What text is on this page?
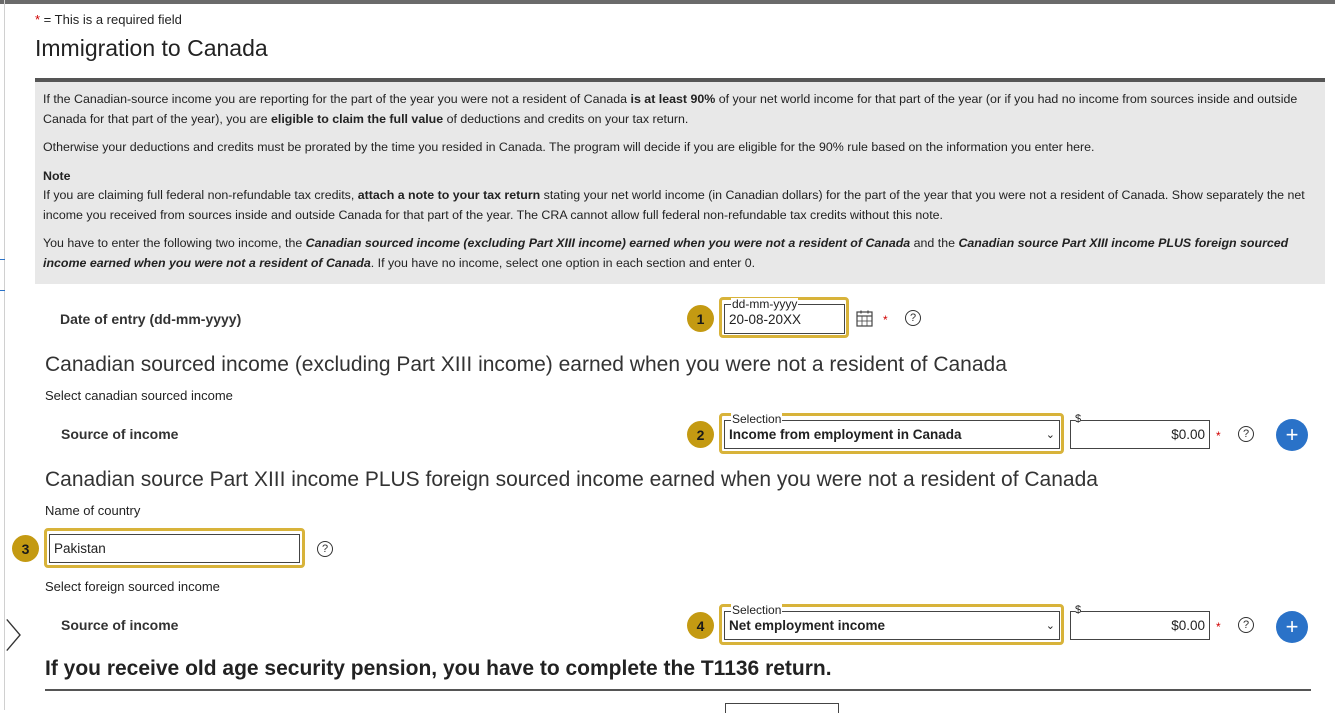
〉
* = This is a required field
Immigration to Canada

If the Canadian-source income you are reporting for the part of the year you were not a resident of Canada is at least 90% of your net world income for that part of the year (or if you had no income from sources inside and outside Canada for that part of the year), you are eligible to claim the full value of deductions and credits on your tax return.

Otherwise your deductions and credits must be prorated by the time you resided in Canada. The program will decide if you are eligible for the 90% rule based on the information you enter here.

Note

If you are claiming full federal non-refundable tax credits, attach a note to your tax return stating your net world income (in Canadian dollars) for the part of the year that you were not a resident of Canada. Show separately the net income you received from sources inside and outside Canada for that part of the year. The CRA cannot allow full federal non-refundable tax credits without this note.

You have to enter the following two income, the Canadian sourced income (excluding Part XIII income) earned when you were not a resident of Canada and the Canadian source Part XIII income PLUS foreign sourced income earned when you were not a resident of Canada. If you have no income, select one option in each section and enter 0.

Date of entry (dd-mm-yyyy)	1	20-08-20XX
dd-mm-yyyy
*	?
Canadian sourced income (excluding Part XIII income) earned when you were not a resident of Canada
Select canadian sourced income
Source of income	2	Income from employment in Canada	⌄
Selection
$0.00
$
*	?	+
Canadian source Part XIII income PLUS foreign sourced income earned when you were not a resident of Canada
Name of country
3	Pakistan	?
Select foreign sourced income
Source of income	4	Net employment income	⌄
Selection
$0.00
$
*	?	+
If you receive old age security pension, you have to complete the T1136 return.
